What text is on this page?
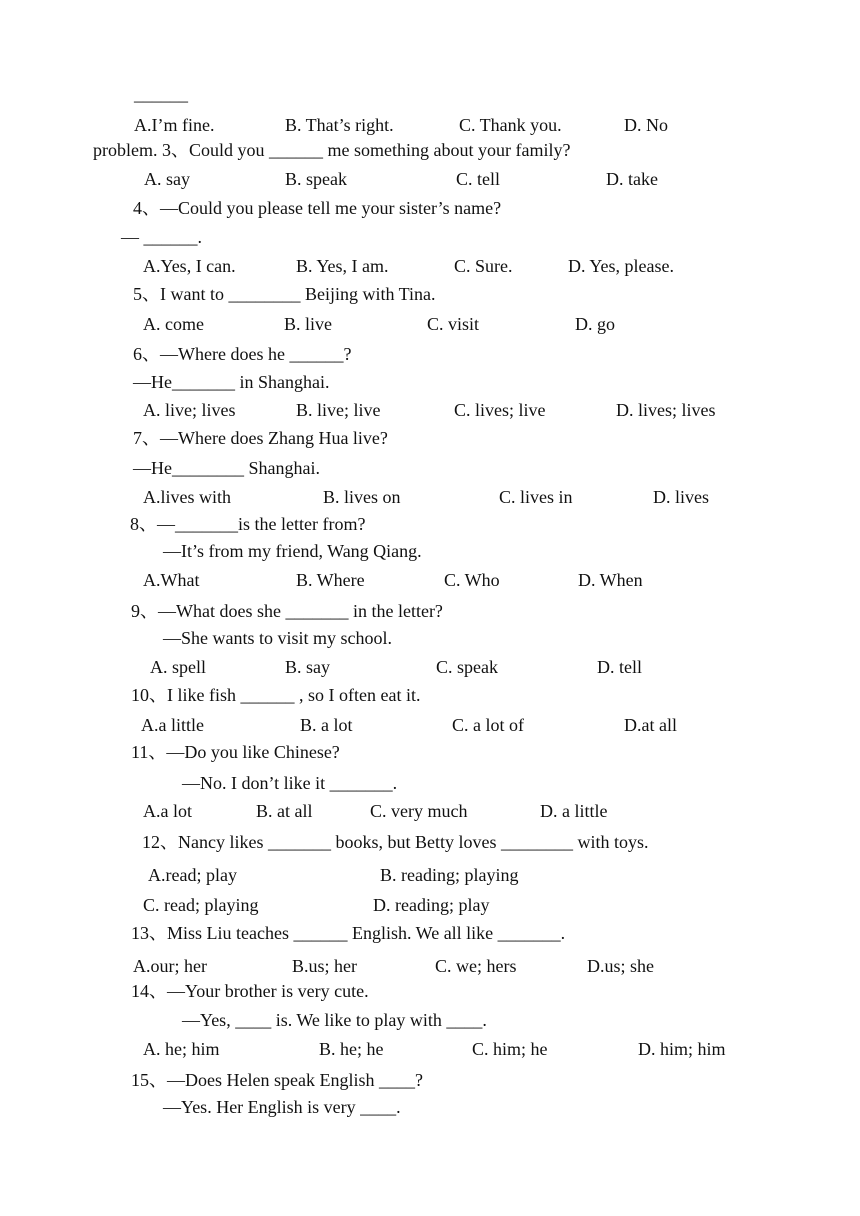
______
A.I’m fine.	B. That’s right.	C. Thank you.	D. No
problem. 3、Could you ______ me something about your family?
A. say	B. speak	C. tell	D. take
4、—Could you please tell me your sister’s name?
— ______.
A.Yes, I can.	B. Yes, I am.	C. Sure.	D. Yes, please.
5、I want to ________ Beijing with Tina.
A. come	B. live	C. visit	D. go
6、—Where does he ______?
—He_______ in Shanghai.
A. live; lives	B. live; live	C. lives; live	D. lives; lives
7、—Where does Zhang Hua live?
—He________ Shanghai.
A.lives with	B. lives on	C. lives in	D. lives
8、—_______is the letter from?
—It’s from my friend, Wang Qiang.
A.What	B. Where	C. Who	D. When
9、—What does she _______ in the letter?
—She wants to visit my school.
A. spell	B. say	C. speak	D. tell
10、I like fish ______ , so I often eat it.
A.a little	B. a lot	C. a lot of	D.at all
11、—Do you like Chinese?
—No. I don’t like it _______.
A.a lot	B. at all	C. very much	D. a little
12、Nancy likes _______ books, but Betty loves ________ with toys.
A.read; play	B. reading; playing
C. read; playing	D. reading; play
13、Miss Liu teaches ______ English. We all like _______.
A.our; her	B.us; her	C. we; hers	D.us; she
14、—Your brother is very cute.
—Yes, ____ is. We like to play with ____.
A. he; him	B. he; he	C. him; he	D. him; him
15、—Does Helen speak English ____?
—Yes. Her English is very ____.
